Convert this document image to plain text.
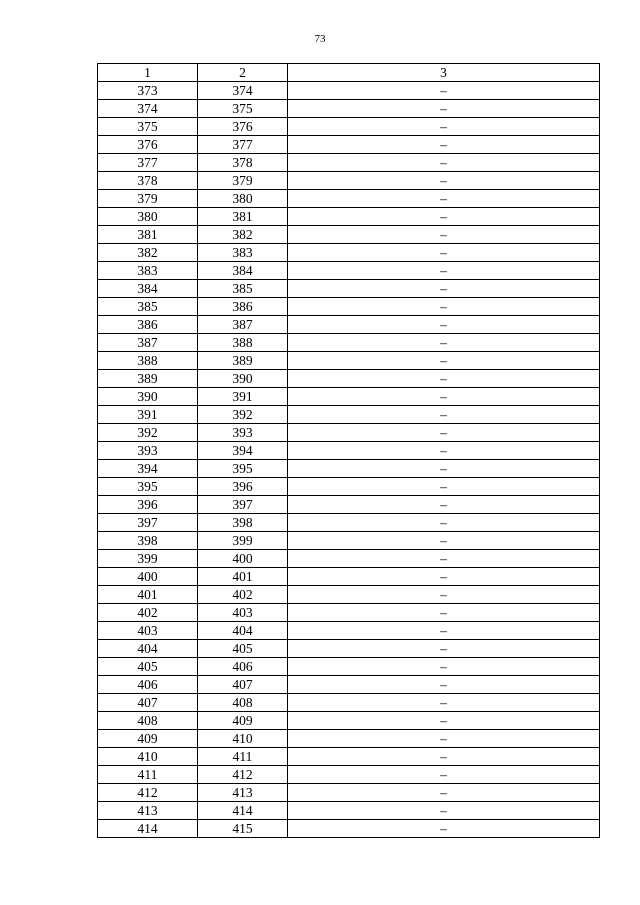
73
1	2	3
373	374	–
374	375	–
375	376	–
376	377	–
377	378	–
378	379	–
379	380	–
380	381	–
381	382	–
382	383	–
383	384	–
384	385	–
385	386	–
386	387	–
387	388	–
388	389	–
389	390	–
390	391	–
391	392	–
392	393	–
393	394	–
394	395	–
395	396	–
396	397	–
397	398	–
398	399	–
399	400	–
400	401	–
401	402	–
402	403	–
403	404	–
404	405	–
405	406	–
406	407	–
407	408	–
408	409	–
409	410	–
410	411	–
411	412	–
412	413	–
413	414	–
414	415	–
